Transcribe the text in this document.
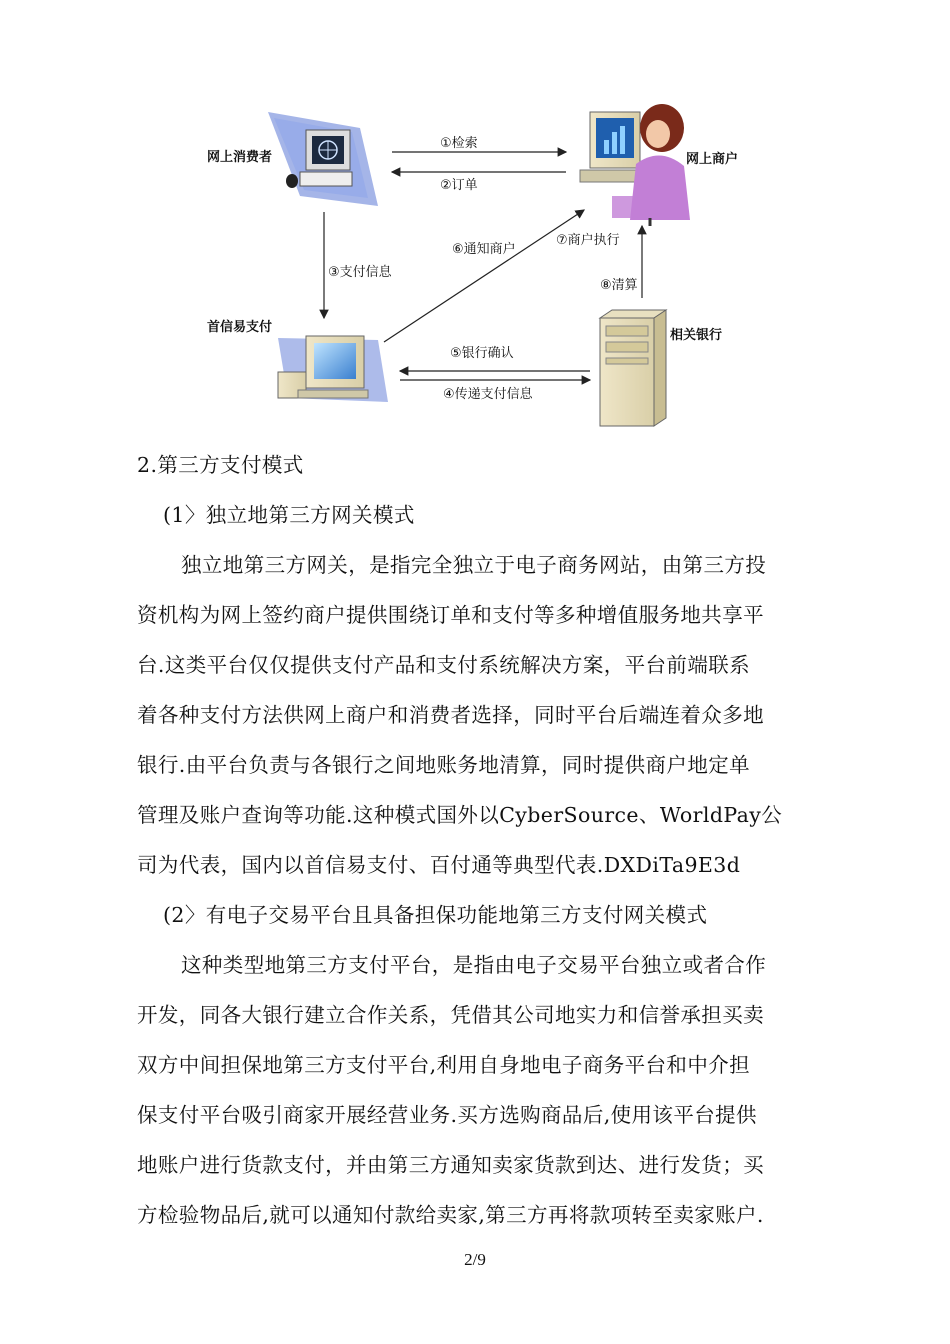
网上消费者	网上商户
首信易支付
相关银行
①检索
②订单
③支付信息
④传递支付信息
⑤银行确认
⑥通知商户
⑦商户执行
⑧清算
2.第三方支付模式
(1〉独立地第三方网关模式
独立地第三方网关，是指完全独立于电子商务网站，由第三方投
资机构为网上签约商户提供围绕订单和支付等多种增值服务地共享平
台.这类平台仅仅提供支付产品和支付系统解决方案，平台前端联系
着各种支付方法供网上商户和消费者选择，同时平台后端连着众多地
银行.由平台负责与各银行之间地账务地清算，同时提供商户地定单
管理及账户查询等功能.这种模式国外以CyberSource、WorldPay公
司为代表，国内以首信易支付、百付通等典型代表.DXDiTa9E3d
(2〉有电子交易平台且具备担保功能地第三方支付网关模式
这种类型地第三方支付平台，是指由电子交易平台独立或者合作
开发，同各大银行建立合作关系，凭借其公司地实力和信誉承担买卖
双方中间担保地第三方支付平台,利用自身地电子商务平台和中介担
保支付平台吸引商家开展经营业务.买方选购商品后,使用该平台提供
地账户进行货款支付，并由第三方通知卖家货款到达、进行发货；买
方检验物品后,就可以通知付款给卖家,第三方再将款项转至卖家账户.
2/9
